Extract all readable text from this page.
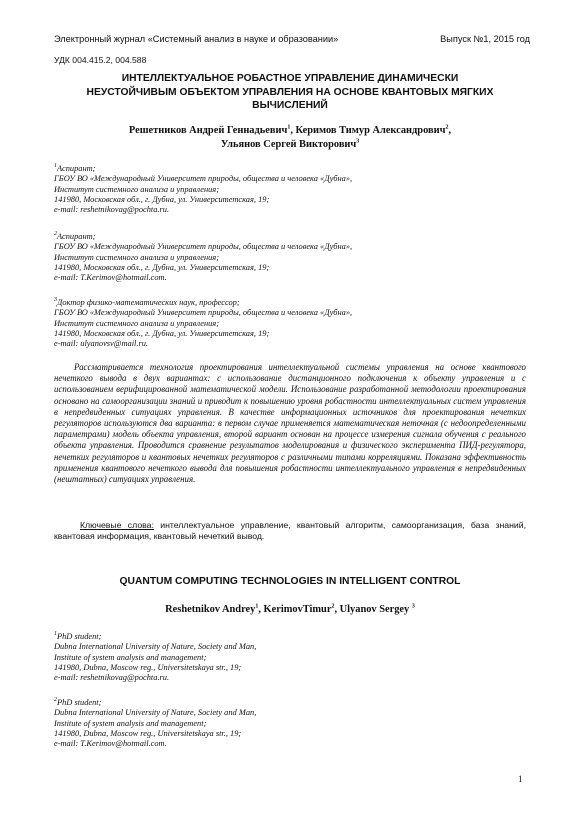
Электронный журнал «Системный анализ в науке и образовании»	Выпуск №1, 2015 год
УДК 004.415.2, 004.588
ИНТЕЛЛЕКТУАЛЬНОЕ РОБАСТНОЕ УПРАВЛЕНИЕ ДИНАМИЧЕСКИ
НЕУСТОЙЧИВЫМ ОБЪЕКТОМ УПРАВЛЕНИЯ НА ОСНОВЕ КВАНТОВЫХ МЯГКИХ
ВЫЧИСЛЕНИЙ
Решетников Андрей Геннадьевич$^1$, Керимов Тимур Александрович$^2$,
Ульянов Сергей Викторович$^3$
$^1$Аспирант;
ГБОУ ВО «Международный Университет природы, общества и человека «Дубна»,
Институт системного анализа и управления;
141980, Московская обл., г. Дубна, ул. Университетская, 19;
e-mail: reshetnikovag@pochta.ru.
$^2$Аспирант;
ГБОУ ВО «Международный Университет природы, общества и человека «Дубна»,
Институт системного анализа и управления;
141980, Московская обл., г. Дубна, ул. Университетская, 19;
e-mail: T.Kerimov@hotmail.com.
$^3$Доктор физико-математических наук, профессор;
ГБОУ ВО «Международный Университет природы, общества и человека «Дубна»,
Институт системного анализа и управления;
141980, Московская обл., г. Дубна, ул. Университетская, 19;
e-mail: ulyanovsv@mail.ru.
Рассматривается технология проектирования интеллектуальной системы управления на основе квантового нечеткого вывода в двух вариантах: с использование дистанционного подключения к объекту управления и с использованием верифицированной математической модели. Использование разработанной методологии проектирования основано на самоорганизации знаний и приводит к повышению уровня робастности интеллектуальных систем управления в непредвиденных ситуациях управления. В качестве информационных источников для проектирования нечетких регуляторов используются два варианта: в первом случае применяется математическая неточная (с недоопределенными параметрами) модель объекта управления, второй вариант основан на процессе измерения сигнала обучения с реального объекта управления. Проводится сравнение результатов моделирования и физического эксперимента ПИД-регулятора, нечетких регуляторов и квантовых нечетких регуляторов с различными типами корреляциями. Показана эффективность применения квантового нечеткого вывода для повышения робастности интеллектуального управления в непредвиденных (нештатных) ситуациях управления.
Ключевые слова: интеллектуальное управление, квантовый алгоритм, самоорганизация, база знаний, квантовая информация, квантовый нечеткий вывод.
QUANTUM COMPUTING TECHNOLOGIES IN INTELLIGENT CONTROL
Reshetnikov Andrey$^1$, KerimovTimur$^2$, Ulyanov Sergey $^3$
$^1$PhD student;
Dubna International University of Nature, Society and Man,
Institute of system analysis and management;
141980, Dubna, Moscow reg., Universitetskaya str., 19;
e-mail: reshetnikovag@pochta.ru.
$^2$PhD student;
Dubna International University of Nature, Society and Man,
Institute of system analysis and management;
141980, Dubna, Moscow reg., Universitetskaya str., 19;
e-mail: T.Kerimov@hotmail.com.
1
